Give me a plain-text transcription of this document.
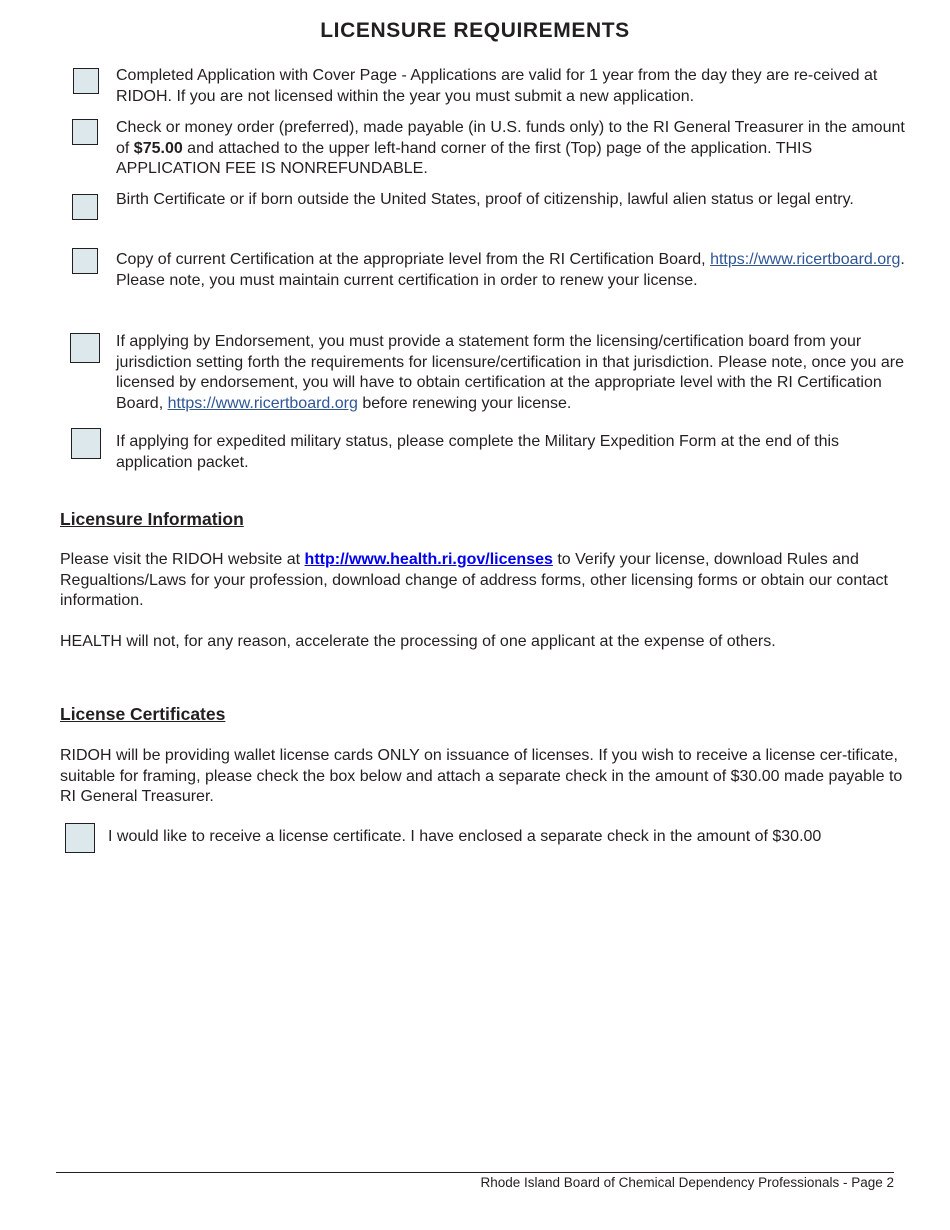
LICENSURE REQUIREMENTS
Completed Application with Cover Page - Applications are valid for 1 year from the day they are re-ceived at RIDOH. If you are not licensed within the year you must submit a new application.
Check or money order (preferred), made payable (in U.S. funds only) to the RI General Treasurer in the amount of $75.00 and attached to the upper left-hand corner of the first (Top) page of the application. THIS APPLICATION FEE IS NONREFUNDABLE.
Birth Certificate or if born outside the United States, proof of citizenship, lawful alien status or legal entry.
Copy of current Certification at the appropriate level from the RI Certification Board, https://www.ricertboard.org. Please note, you must maintain current certification in order to renew your license.
If applying by Endorsement, you must provide a statement form the licensing/certification board from your jurisdiction setting forth the requirements for licensure/certification in that jurisdiction. Please note, once you are licensed by endorsement, you will have to obtain certification at the appropriate level with the RI Certification Board, https://www.ricertboard.org before renewing your license.
If applying for expedited military status, please complete the Military Expedition Form at the end of this application packet.
Licensure Information
Please visit the RIDOH website at http://www.health.ri.gov/licenses to Verify your license, download Rules and Regualtions/Laws for your profession, download change of address forms, other licensing forms or obtain our contact information.
HEALTH will not, for any reason, accelerate the processing of one applicant at the expense of others.
License Certificates
RIDOH will be providing wallet license cards ONLY on issuance of licenses. If you wish to receive a license cer-tificate, suitable for framing, please check the box below and attach a separate check in the amount of $30.00 made payable to RI General Treasurer.
I would like to receive a license certificate. I have enclosed a separate check in the amount of $30.00
Rhode Island Board of Chemical Dependency Professionals - Page 2
